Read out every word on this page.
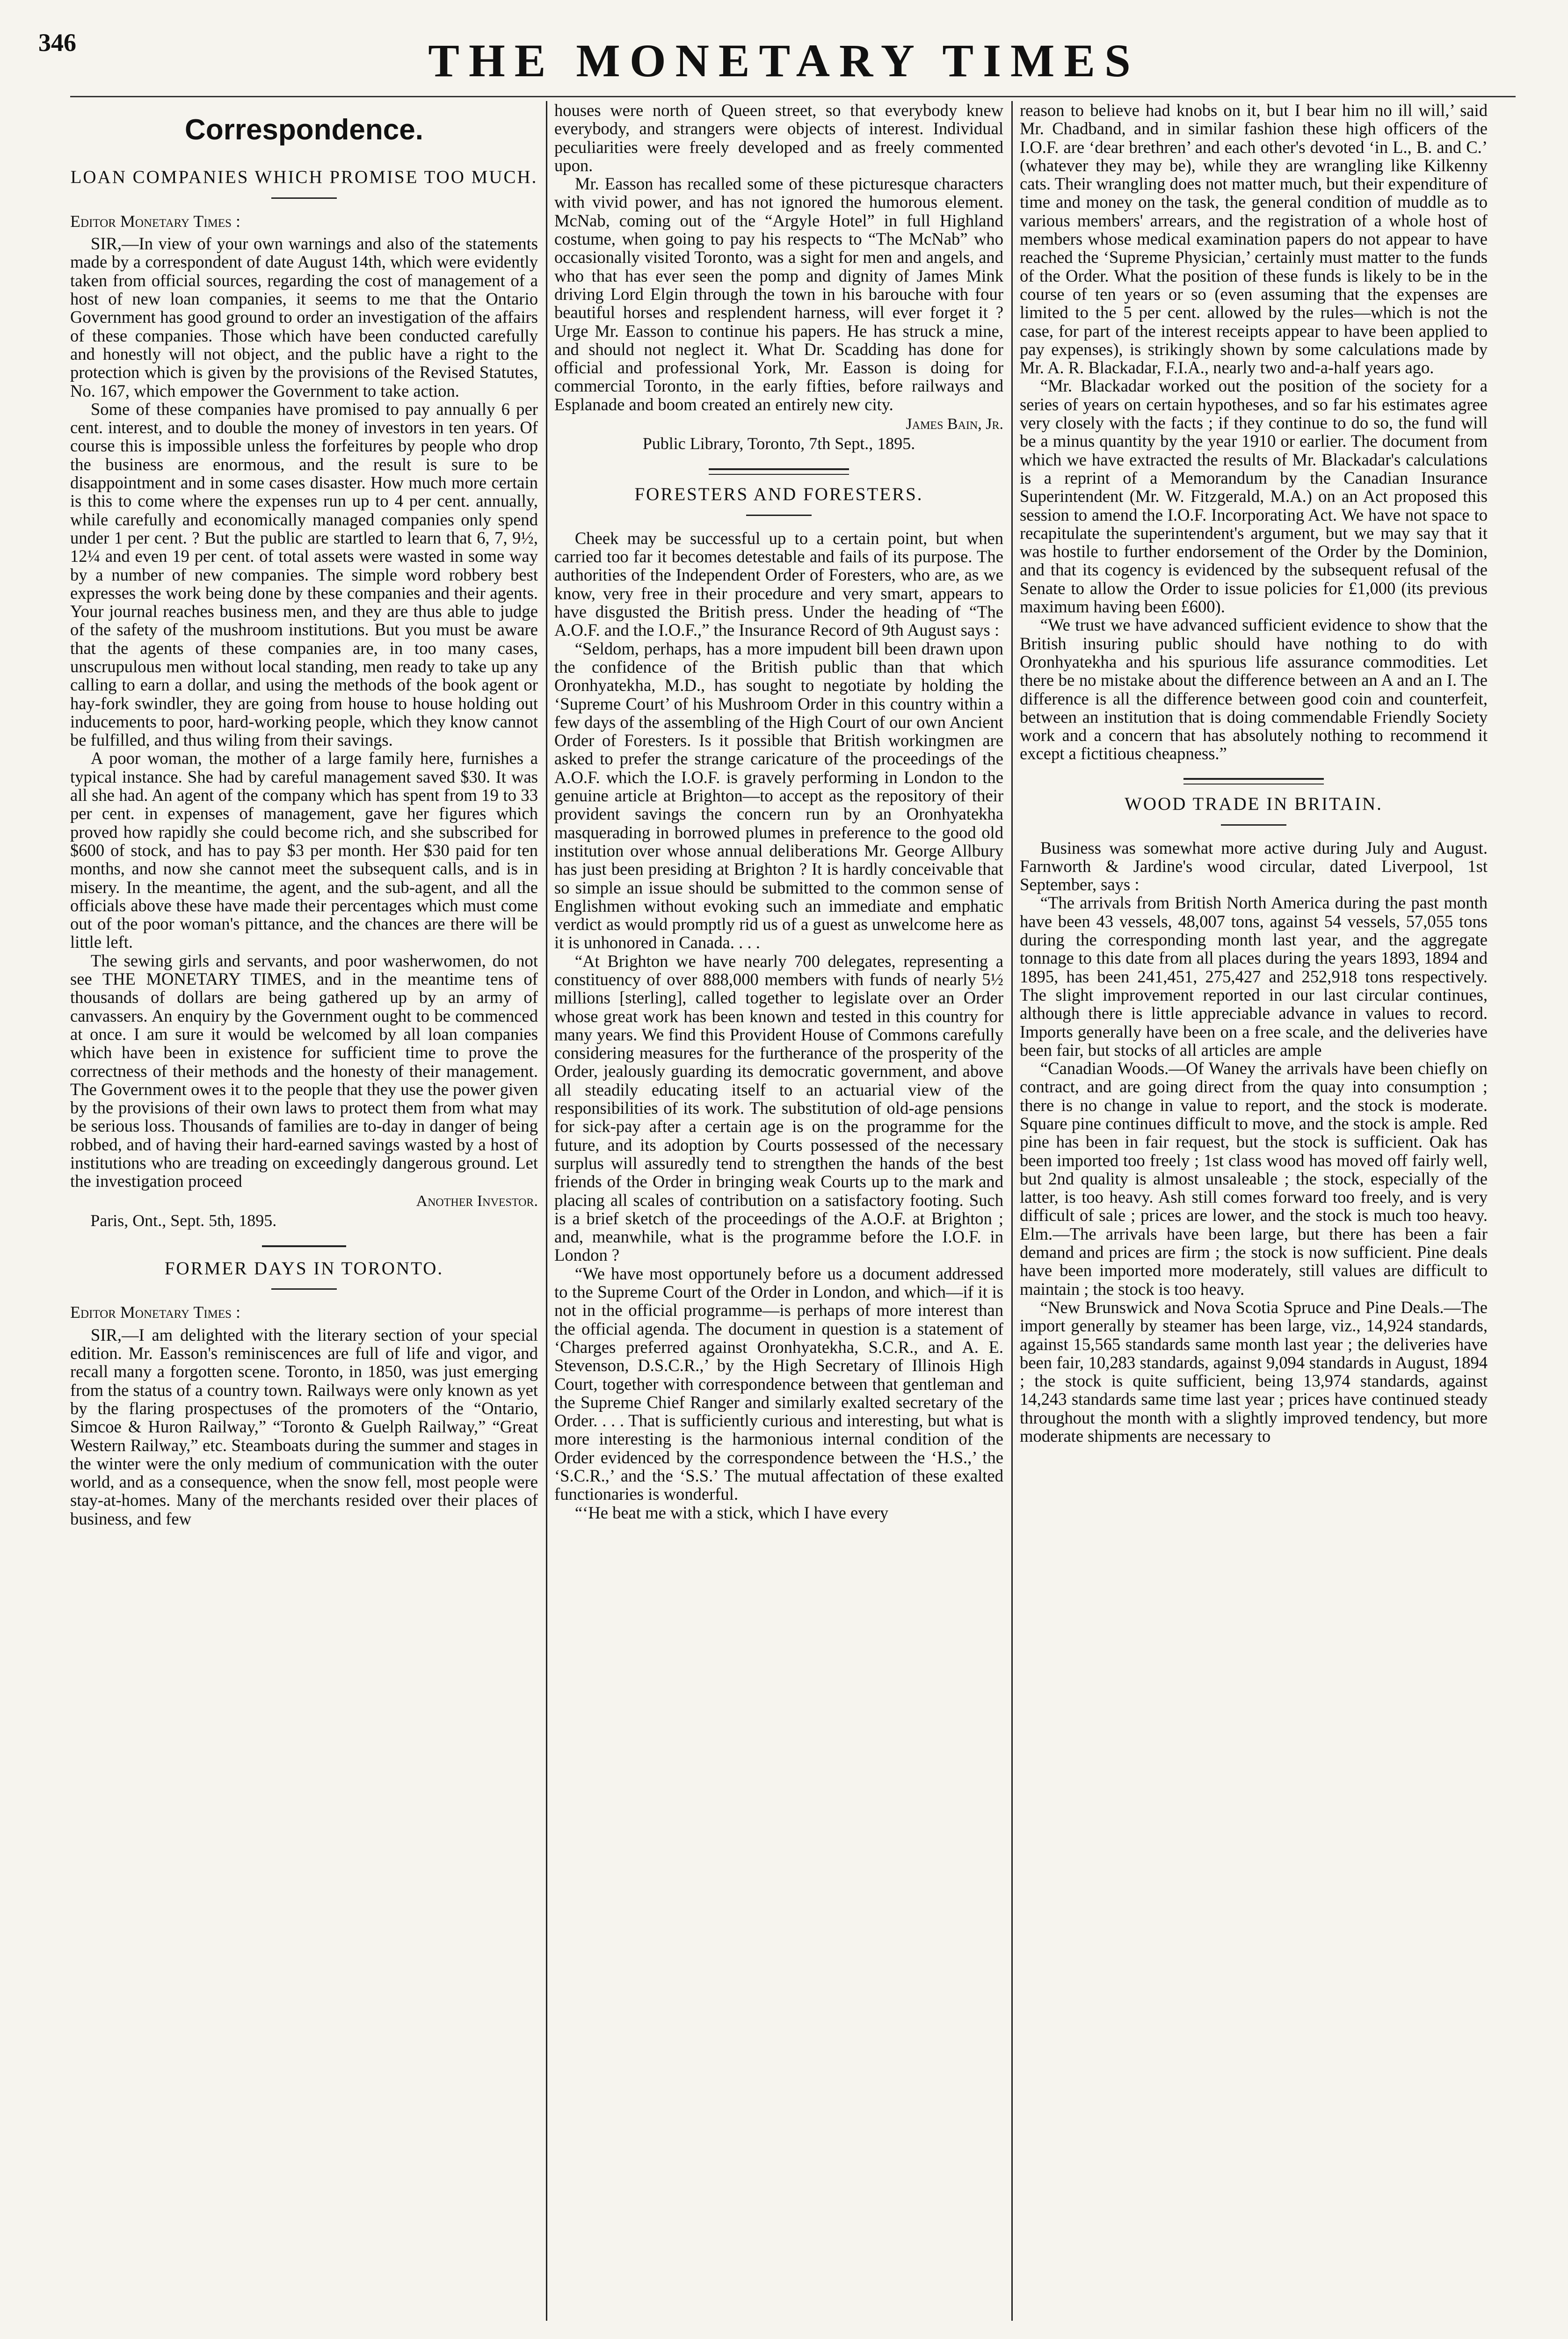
346	THE MONETARY TIMES
Correspondence.
LOAN COMPANIES WHICH PROMISE TOO MUCH.
Editor Monetary Times :

SIR,—In view of your own warnings and also of the statements made by a correspondent of date August 14th, which were evidently taken from official sources, regarding the cost of management of a host of new loan companies, it seems to me that the Ontario Government has good ground to order an investigation of the affairs of these companies. Those which have been conducted carefully and honestly will not object, and the public have a right to the protection which is given by the provisions of the Revised Statutes, No. 167, which empower the Government to take action.

Some of these companies have promised to pay annually 6 per cent. interest, and to double the money of investors in ten years. Of course this is impossible unless the forfeitures by people who drop the business are enormous, and the result is sure to be disappointment and in some cases disaster. How much more certain is this to come where the expenses run up to 4 per cent. annually, while carefully and economically managed companies only spend under 1 per cent. ? But the public are startled to learn that 6, 7, 9½, 12¼ and even 19 per cent. of total assets were wasted in some way by a number of new companies. The simple word robbery best expresses the work being done by these companies and their agents. Your journal reaches business men, and they are thus able to judge of the safety of the mushroom institutions. But you must be aware that the agents of these companies are, in too many cases, unscrupulous men without local standing, men ready to take up any calling to earn a dollar, and using the methods of the book agent or hay-fork swindler, they are going from house to house holding out inducements to poor, hard-working people, which they know cannot be fulfilled, and thus wiling from their savings.

A poor woman, the mother of a large family here, furnishes a typical instance. She had by careful management saved $30. It was all she had. An agent of the company which has spent from 19 to 33 per cent. in expenses of management, gave her figures which proved how rapidly she could become rich, and she subscribed for $600 of stock, and has to pay $3 per month. Her $30 paid for ten months, and now she cannot meet the subsequent calls, and is in misery. In the meantime, the agent, and the sub-agent, and all the officials above these have made their percentages which must come out of the poor woman's pittance, and the chances are there will be little left.

The sewing girls and servants, and poor washerwomen, do not see THE MONETARY TIMES, and in the meantime tens of thousands of dollars are being gathered up by an army of canvassers. An enquiry by the Government ought to be commenced at once. I am sure it would be welcomed by all loan companies which have been in existence for sufficient time to prove the correctness of their methods and the honesty of their management. The Government owes it to the people that they use the power given by the provisions of their own laws to protect them from what may be serious loss. Thousands of families are to-day in danger of being robbed, and of having their hard-earned savings wasted by a host of institutions who are treading on exceedingly dangerous ground. Let the investigation proceed

Another Investor.
Paris, Ont., Sept. 5th, 1895.
FORMER DAYS IN TORONTO.
Editor Monetary Times :

SIR,—I am delighted with the literary section of your special edition. Mr. Easson's reminiscences are full of life and vigor, and recall many a forgotten scene. Toronto, in 1850, was just emerging from the status of a country town. Railways were only known as yet by the flaring prospectuses of the promoters of the “Ontario, Simcoe & Huron Railway,” “Toronto & Guelph Railway,” “Great Western Railway,” etc. Steamboats during the summer and stages in the winter were the only medium of communication with the outer world, and as a consequence, when the snow fell, most people were stay-at-homes. Many of the merchants resided over their places of business, and few

houses were north of Queen street, so that everybody knew everybody, and strangers were objects of interest. Individual peculiarities were freely developed and as freely commented upon.

Mr. Easson has recalled some of these picturesque characters with vivid power, and has not ignored the humorous element. McNab, coming out of the “Argyle Hotel” in full Highland costume, when going to pay his respects to “The McNab” who occasionally visited Toronto, was a sight for men and angels, and who that has ever seen the pomp and dignity of James Mink driving Lord Elgin through the town in his barouche with four beautiful horses and resplendent harness, will ever forget it ? Urge Mr. Easson to continue his papers. He has struck a mine, and should not neglect it. What Dr. Scadding has done for official and professional York, Mr. Easson is doing for commercial Toronto, in the early fifties, before railways and Esplanade and boom created an entirely new city.

James Bain, Jr.
Public Library, Toronto, 7th Sept., 1895.
FORESTERS AND FORESTERS.

Cheek may be successful up to a certain point, but when carried too far it becomes detestable and fails of its purpose. The authorities of the Independent Order of Foresters, who are, as we know, very free in their procedure and very smart, appears to have disgusted the British press. Under the heading of “The A.O.F. and the I.O.F.,” the Insurance Record of 9th August says :

“Seldom, perhaps, has a more impudent bill been drawn upon the confidence of the British public than that which Oronhyatekha, M.D., has sought to negotiate by holding the ‘Supreme Court’ of his Mushroom Order in this country within a few days of the assembling of the High Court of our own Ancient Order of Foresters. Is it possible that British workingmen are asked to prefer the strange caricature of the proceedings of the A.O.F. which the I.O.F. is gravely performing in London to the genuine article at Brighton—to accept as the repository of their provident savings the concern run by an Oronhyatekha masquerading in borrowed plumes in preference to the good old institution over whose annual deliberations Mr. George Allbury has just been presiding at Brighton ? It is hardly conceivable that so simple an issue should be submitted to the common sense of Englishmen without evoking such an immediate and emphatic verdict as would promptly rid us of a guest as unwelcome here as it is unhonored in Canada. . . .

“At Brighton we have nearly 700 delegates, representing a constituency of over 888,000 members with funds of nearly 5½ millions [sterling], called together to legislate over an Order whose great work has been known and tested in this country for many years. We find this Provident House of Commons carefully considering measures for the furtherance of the prosperity of the Order, jealously guarding its democratic government, and above all steadily educating itself to an actuarial view of the responsibilities of its work. The substitution of old-age pensions for sick-pay after a certain age is on the programme for the future, and its adoption by Courts possessed of the necessary surplus will assuredly tend to strengthen the hands of the best friends of the Order in bringing weak Courts up to the mark and placing all scales of contribution on a satisfactory footing. Such is a brief sketch of the proceedings of the A.O.F. at Brighton ; and, meanwhile, what is the programme before the I.O.F. in London ?

“We have most opportunely before us a document addressed to the Supreme Court of the Order in London, and which—if it is not in the official programme—is perhaps of more interest than the official agenda. The document in question is a statement of ‘Charges preferred against Oronhyatekha, S.C.R., and A. E. Stevenson, D.S.C.R.,’ by the High Secretary of Illinois High Court, together with correspondence between that gentleman and the Supreme Chief Ranger and similarly exalted secretary of the Order. . . . That is sufficiently curious and interesting, but what is more interesting is the harmonious internal condition of the Order evidenced by the correspondence between the ‘H.S.,’ the ‘S.C.R.,’ and the ‘S.S.’ The mutual affectation of these exalted functionaries is wonderful.

“‘He beat me with a stick, which I have every

reason to believe had knobs on it, but I bear him no ill will,’ said Mr. Chadband, and in similar fashion these high officers of the I.O.F. are ‘dear brethren’ and each other's devoted ‘in L., B. and C.’ (whatever they may be), while they are wrangling like Kilkenny cats. Their wrangling does not matter much, but their expenditure of time and money on the task, the general condition of muddle as to various members' arrears, and the registration of a whole host of members whose medical examination papers do not appear to have reached the ‘Supreme Physician,’ certainly must matter to the funds of the Order. What the position of these funds is likely to be in the course of ten years or so (even assuming that the expenses are limited to the 5 per cent. allowed by the rules—which is not the case, for part of the interest receipts appear to have been applied to pay expenses), is strikingly shown by some calculations made by Mr. A. R. Blackadar, F.I.A., nearly two and-a-half years ago.

“Mr. Blackadar worked out the position of the society for a series of years on certain hypotheses, and so far his estimates agree very closely with the facts ; if they continue to do so, the fund will be a minus quantity by the year 1910 or earlier. The document from which we have extracted the results of Mr. Blackadar's calculations is a reprint of a Memorandum by the Canadian Insurance Superintendent (Mr. W. Fitzgerald, M.A.) on an Act proposed this session to amend the I.O.F. Incorporating Act. We have not space to recapitulate the superintendent's argument, but we may say that it was hostile to further endorsement of the Order by the Dominion, and that its cogency is evidenced by the subsequent refusal of the Senate to allow the Order to issue policies for £1,000 (its previous maximum having been £600).

“We trust we have advanced sufficient evidence to show that the British insuring public should have nothing to do with Oronhyatekha and his spurious life assurance commodities. Let there be no mistake about the difference between an A and an I. The difference is all the difference between good coin and counterfeit, between an institution that is doing commendable Friendly Society work and a concern that has absolutely nothing to recommend it except a fictitious cheapness.”

WOOD TRADE IN BRITAIN.

Business was somewhat more active during July and August. Farnworth & Jardine's wood circular, dated Liverpool, 1st September, says :

“The arrivals from British North America during the past month have been 43 vessels, 48,007 tons, against 54 vessels, 57,055 tons during the corresponding month last year, and the aggregate tonnage to this date from all places during the years 1893, 1894 and 1895, has been 241,451, 275,427 and 252,918 tons respectively. The slight improvement reported in our last circular continues, although there is little appreciable advance in values to record. Imports generally have been on a free scale, and the deliveries have been fair, but stocks of all articles are ample

“Canadian Woods.—Of Waney the arrivals have been chiefly on contract, and are going direct from the quay into consumption ; there is no change in value to report, and the stock is moderate. Square pine continues difficult to move, and the stock is ample. Red pine has been in fair request, but the stock is sufficient. Oak has been imported too freely ; 1st class wood has moved off fairly well, but 2nd quality is almost unsaleable ; the stock, especially of the latter, is too heavy. Ash still comes forward too freely, and is very difficult of sale ; prices are lower, and the stock is much too heavy. Elm.—The arrivals have been large, but there has been a fair demand and prices are firm ; the stock is now sufficient. Pine deals have been imported more moderately, still values are difficult to maintain ; the stock is too heavy.

“New Brunswick and Nova Scotia Spruce and Pine Deals.—The import generally by steamer has been large, viz., 14,924 standards, against 15,565 standards same month last year ; the deliveries have been fair, 10,283 standards, against 9,094 standards in August, 1894 ; the stock is quite sufficient, being 13,974 standards, against 14,243 standards same time last year ; prices have continued steady throughout the month with a slightly improved tendency, but more moderate shipments are necessary to
